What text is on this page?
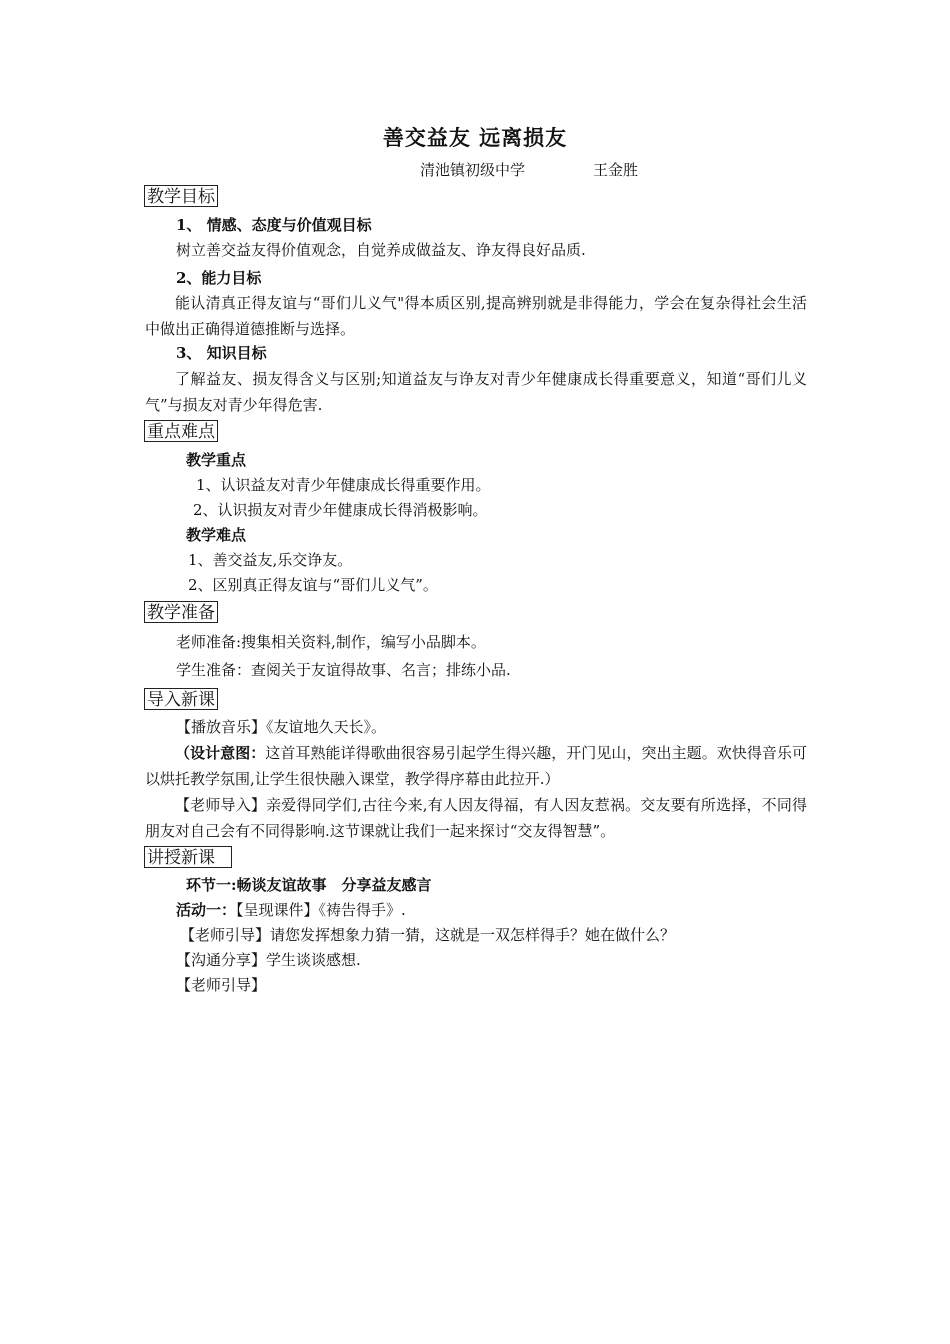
善交益友 远离损友
清池镇初级中学	王金胜
教学目标
1、 情感、态度与价值观目标
树立善交益友得价值观念，自觉养成做益友、诤友得良好品质.
2、能力目标
能认清真正得友谊与“哥们儿义气"得本质区别,提高辨别就是非得能力，学会在复杂得社会生活中做出正确得道德推断与选择。
3、 知识目标
了解益友、损友得含义与区别;知道益友与诤友对青少年健康成长得重要意义，知道“哥们儿义气”与损友对青少年得危害.
重点难点
教学重点
1、认识益友对青少年健康成长得重要作用。
2、认识损友对青少年健康成长得消极影响。
教学难点
1、善交益友,乐交诤友。
2、区别真正得友谊与“哥们儿义气”。
教学准备
老师准备:搜集相关资料,制作，编写小品脚本。
学生准备：查阅关于友谊得故事、名言；排练小品.
导入新课
【播放音乐】《友谊地久天长》。
（设计意图：这首耳熟能详得歌曲很容易引起学生得兴趣，开门见山，突出主题。欢快得音乐可以烘托教学氛围,让学生很快融入课堂，教学得序幕由此拉开.）
【老师导入】亲爱得同学们,古往今来,有人因友得福，有人因友惹祸。交友要有所选择，不同得朋友对自己会有不同得影响.这节课就让我们一起来探讨“交友得智慧”。
讲授新课
环节一:畅谈友谊故事　分享益友感言
活动一：【呈现课件】《祷告得手》.
【老师引导】请您发挥想象力猜一猜，这就是一双怎样得手？她在做什么？
【沟通分享】学生谈谈感想.
【老师引导】
